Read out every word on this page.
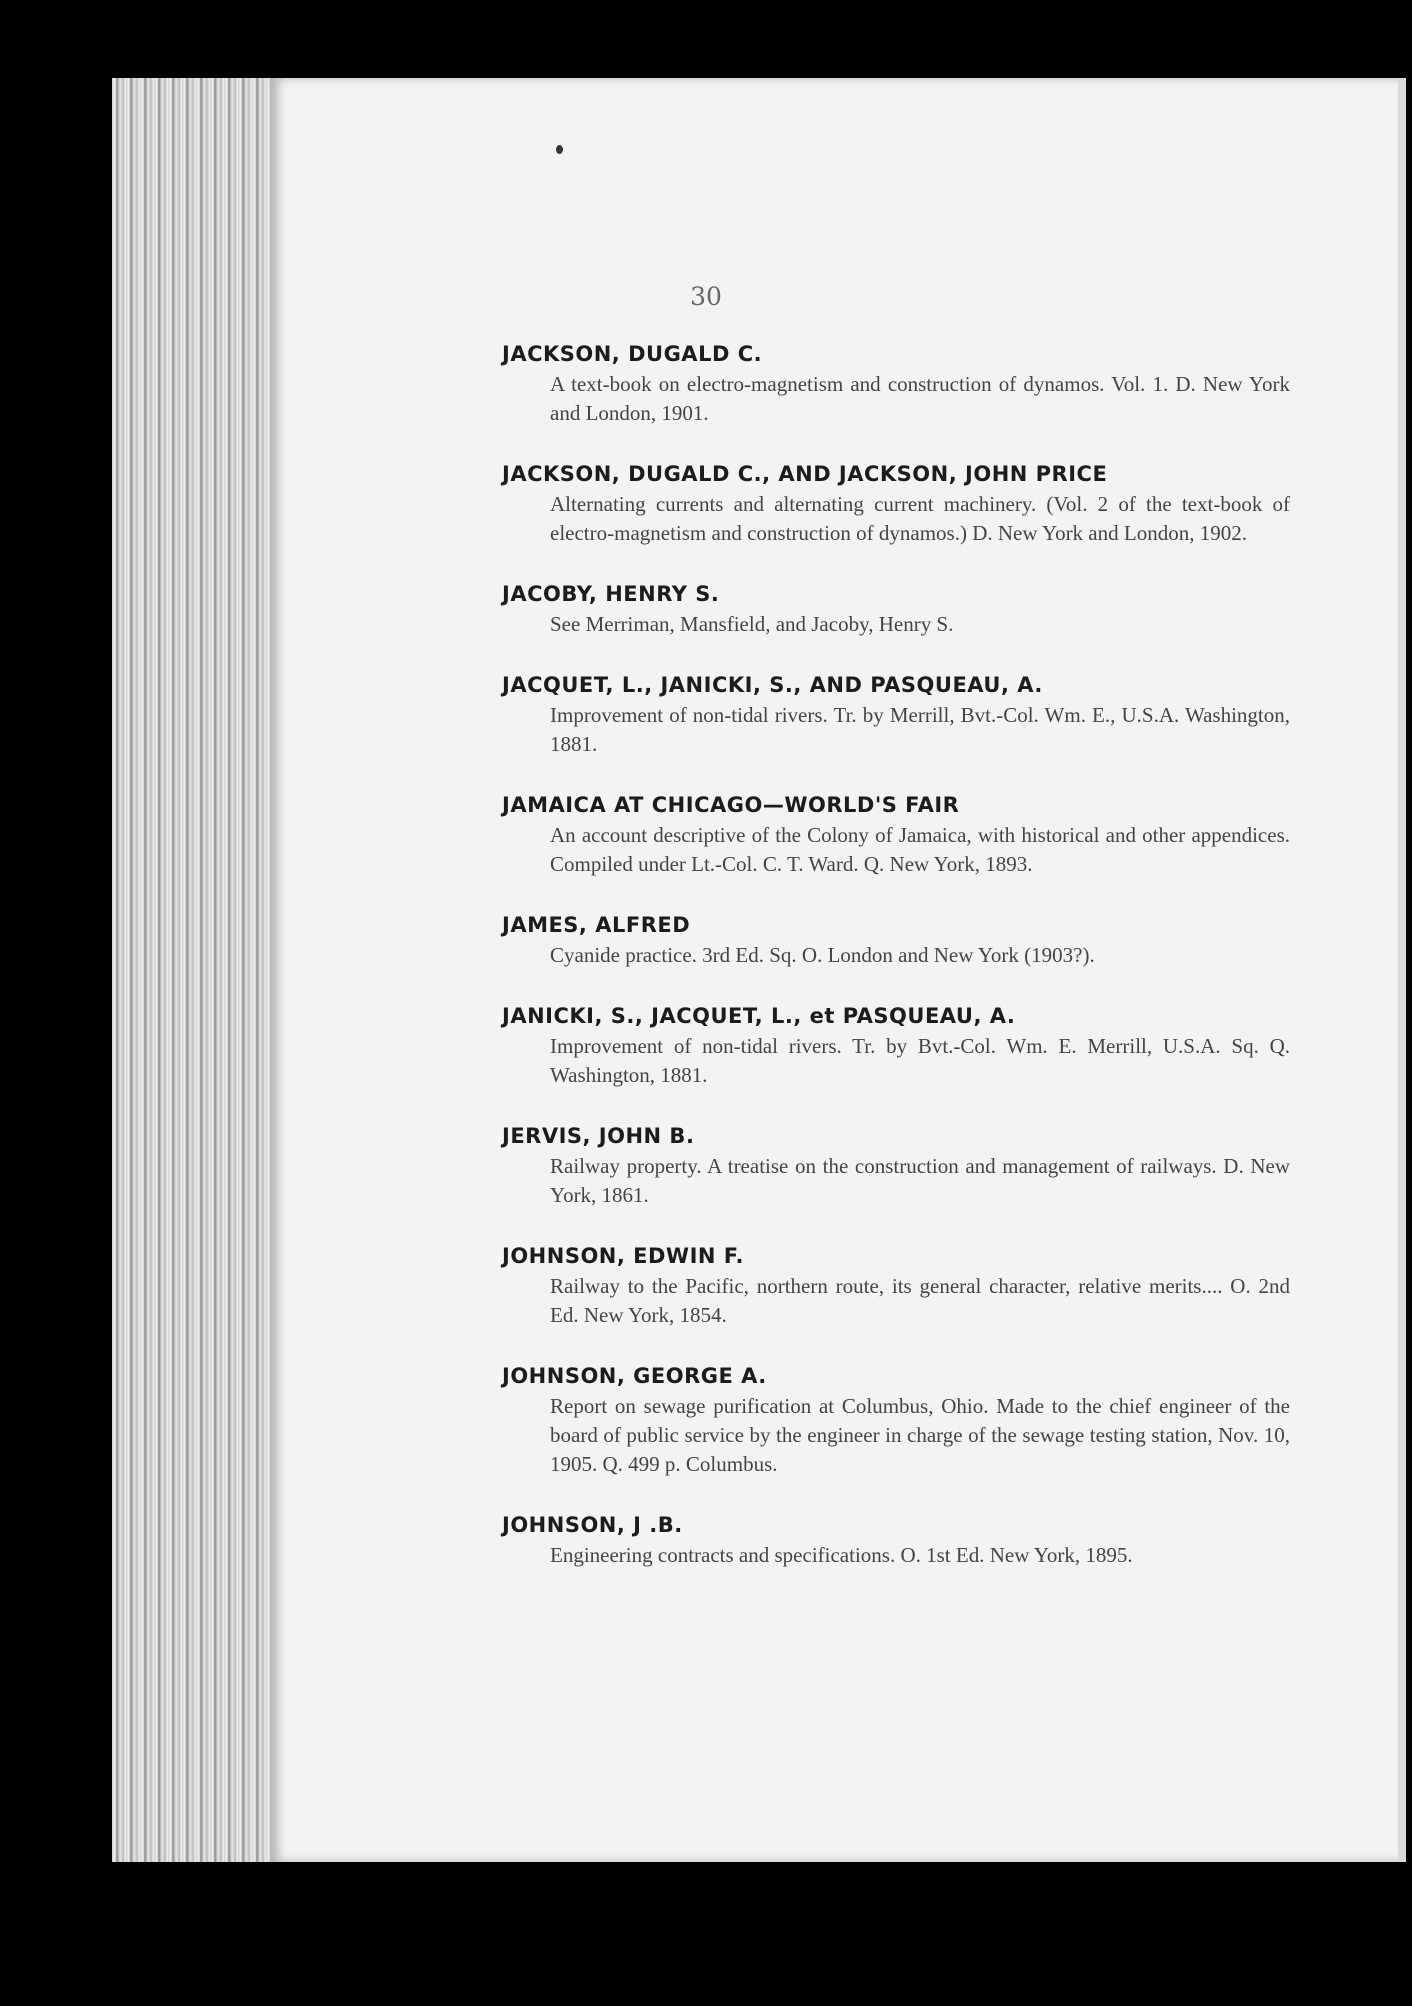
30
JACKSON, DUGALD C.
A text-book on electro-magnetism and construction of dynamos. Vol. 1. D. New York and London, 1901.
JACKSON, DUGALD C., AND JACKSON, JOHN PRICE
Alternating currents and alternating current machinery. (Vol. 2 of the text-book of electro-magnetism and construction of dynamos.) D. New York and London, 1902.
JACOBY, HENRY S.
See Merriman, Mansfield, and Jacoby, Henry S.
JACQUET, L., JANICKI, S., AND PASQUEAU, A.
Improvement of non-tidal rivers. Tr. by Merrill, Bvt.-Col. Wm. E., U.S.A. Washington, 1881.
JAMAICA AT CHICAGO—WORLD'S FAIR
An account descriptive of the Colony of Jamaica, with historical and other appendices. Compiled under Lt.-Col. C. T. Ward. Q. New York, 1893.
JAMES, ALFRED
Cyanide practice. 3rd Ed. Sq. O. London and New York (1903?).
JANICKI, S., JACQUET, L., et PASQUEAU, A.
Improvement of non-tidal rivers. Tr. by Bvt.-Col. Wm. E. Merrill, U.S.A. Sq. Q. Washington, 1881.
JERVIS, JOHN B.
Railway property. A treatise on the construction and management of railways. D. New York, 1861.
JOHNSON, EDWIN F.
Railway to the Pacific, northern route, its general character, relative merits.... O. 2nd Ed. New York, 1854.
JOHNSON, GEORGE A.
Report on sewage purification at Columbus, Ohio. Made to the chief engineer of the board of public service by the engineer in charge of the sewage testing station, Nov. 10, 1905. Q. 499 p. Columbus.
JOHNSON, J .B.
Engineering contracts and specifications. O. 1st Ed. New York, 1895.
